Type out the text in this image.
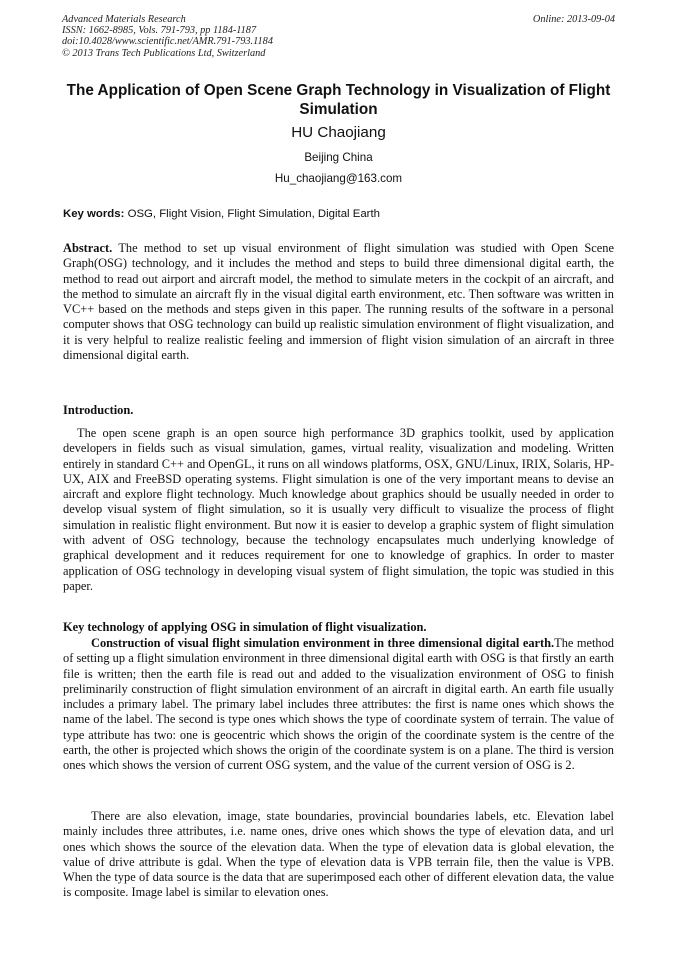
Advanced Materials Research
ISSN: 1662-8985, Vols. 791-793, pp 1184-1187
doi:10.4028/www.scientific.net/AMR.791-793.1184
© 2013 Trans Tech Publications Ltd, Switzerland
Online: 2013-09-04
The Application of Open Scene Graph Technology in Visualization of Flight Simulation
HU Chaojiang
Beijing China
Hu_chaojiang@163.com
Key words: OSG, Flight Vision, Flight Simulation, Digital Earth
Abstract. The method to set up visual environment of flight simulation was studied with Open Scene Graph(OSG) technology, and it includes the method and steps to build three dimensional digital earth, the method to read out airport and aircraft model, the method to simulate meters in the cockpit of an aircraft, and the method to simulate an aircraft fly in the visual digital earth environment, etc. Then software was written in VC++ based on the methods and steps given in this paper. The running results of the software in a personal computer shows that OSG technology can build up realistic simulation environment of flight visualization, and it is very helpful to realize realistic feeling and immersion of flight vision simulation of an aircraft in three dimensional digital earth.
Introduction.
The open scene graph is an open source high performance 3D graphics toolkit, used by application developers in fields such as visual simulation, games, virtual reality, visualization and modeling. Written entirely in standard C++ and OpenGL, it runs on all windows platforms, OSX, GNU/Linux, IRIX, Solaris, HP-UX, AIX and FreeBSD operating systems. Flight simulation is one of the very important means to devise an aircraft and explore flight technology. Much knowledge about graphics should be usually needed in order to develop visual system of flight simulation, so it is usually very difficult to visualize the process of flight simulation in realistic flight environment. But now it is easier to develop a graphic system of flight simulation with advent of OSG technology, because the technology encapsulates much underlying knowledge of graphical development and it reduces requirement for one to knowledge of graphics. In order to master application of OSG technology in developing visual system of flight simulation, the topic was studied in this paper.
Key technology of applying OSG in simulation of flight visualization.
Construction of visual flight simulation environment in three dimensional digital earth.The method of setting up a flight simulation environment in three dimensional digital earth with OSG is that firstly an earth file is written; then the earth file is read out and added to the visualization environment of OSG to finish preliminarily construction of flight simulation environment of an aircraft in digital earth. An earth file usually includes a primary label. The primary label includes three attributes: the first is name ones which shows the name of the label. The second is type ones which shows the type of coordinate system of terrain. The value of type attribute has two: one is geocentric which shows the origin of the coordinate system is the centre of the earth, the other is projected which shows the origin of the coordinate system is on a plane. The third is version ones which shows the version of current OSG system, and the value of the current version of OSG is 2.
There are also elevation, image, state boundaries, provincial boundaries labels, etc. Elevation label mainly includes three attributes, i.e. name ones, drive ones which shows the type of elevation data, and url ones which shows the source of the elevation data. When the type of elevation data is global elevation, the value of drive attribute is gdal. When the type of elevation data is VPB terrain file, then the value is VPB. When the type of data source is the data that are superimposed each other of different elevation data, the value is composite. Image label is similar to elevation ones.
